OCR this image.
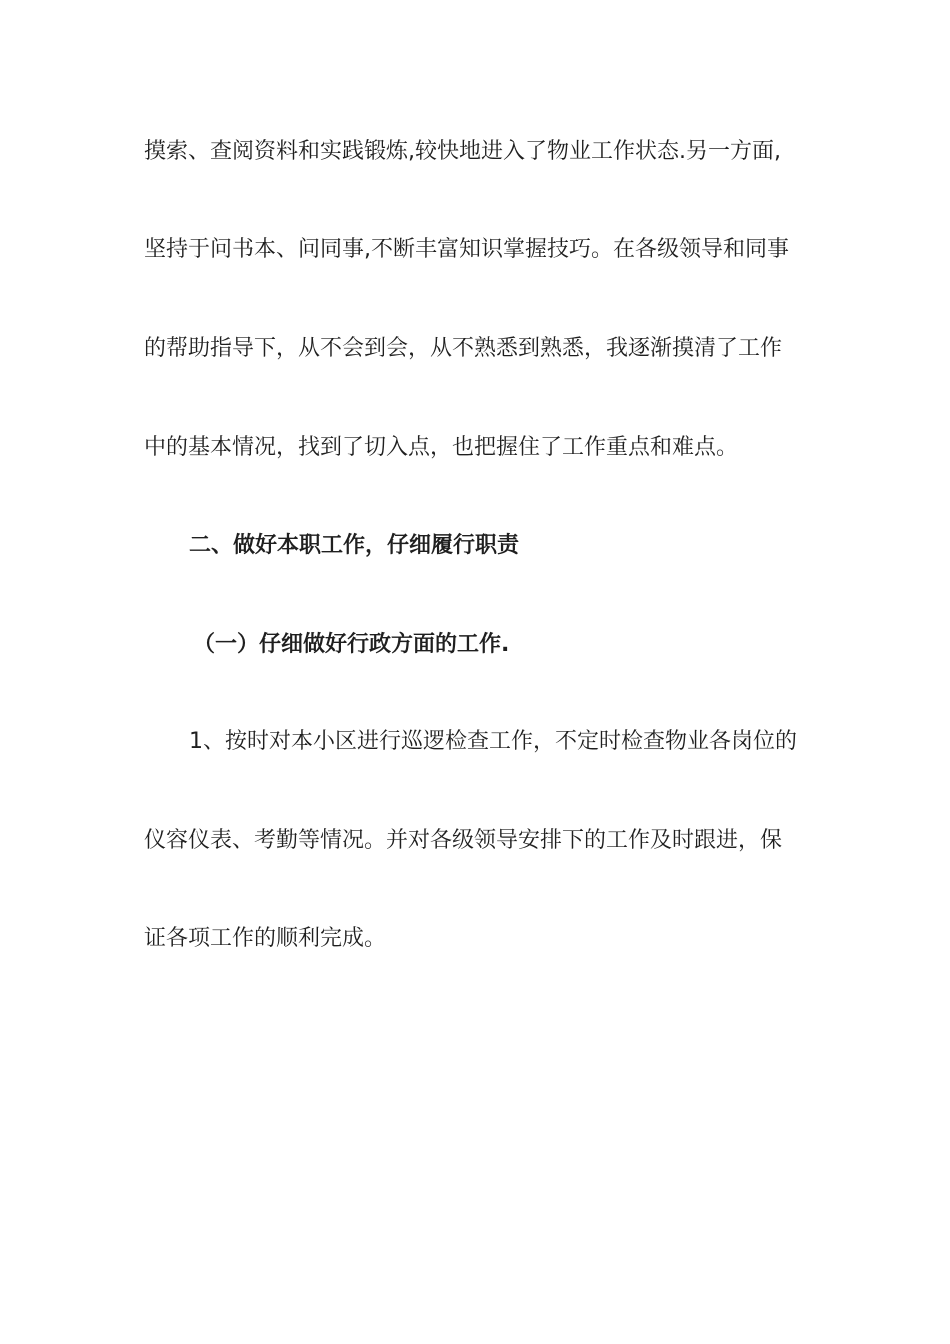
摸索、查阅资料和实践锻炼,较快地进入了物业工作状态.另一方面,
坚持于问书本、问同事,不断丰富知识掌握技巧。在各级领导和同事
的帮助指导下，从不会到会，从不熟悉到熟悉，我逐渐摸清了工作
中的基本情况，找到了切入点，也把握住了工作重点和难点。
二、做好本职工作，仔细履行职责
（一）仔细做好行政方面的工作.
1、按时对本小区进行巡逻检查工作，不定时检查物业各岗位的
仪容仪表、考勤等情况。并对各级领导安排下的工作及时跟进，保
证各项工作的顺利完成。
